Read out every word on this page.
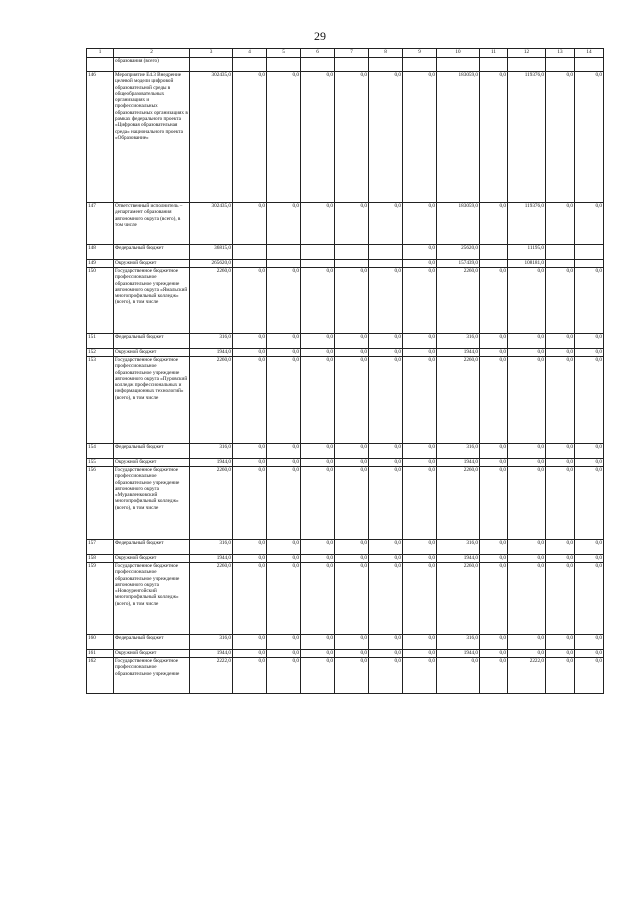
29
1	2	3	4	5	6	7	8	9	10	11	12	13	14
	образования (всего)												
146	Мероприятие Е4.3 Внедрение целевой модели цифровой образовательной среды в общеобразовательных организациях и профессиональных образовательных организациях в рамках федерального проекта «Цифровая образовательная среда» национального проекта «Образование»	302435,0	0,0	0,0	0,0	0,0	0,0	0,0	183059,0	0,0	119376,0	0,0	0,0
147	Ответственный исполнитель – департамент образования автономного округа (всего), в том числе	302435,0	0,0	0,0	0,0	0,0	0,0	0,0	183059,0	0,0	119376,0	0,0	0,0
148	Федеральный бюджет	36815,0						0,0	25620,0		11195,0		
149	Окружной бюджет	265620,0						0,0	157439,0		108181,0		
150	Государственное бюджетное профессиональное образовательное учреждение автономного округа «Ямальский многопрофильный колледж» (всего), в том числе	2260,0	0,0	0,0	0,0	0,0	0,0	0,0	2260,0	0,0	0,0	0,0	0,0
151	Федеральный бюджет	316,0	0,0	0,0	0,0	0,0	0,0	0,0	316,0	0,0	0,0	0,0	0,0
152	Окружной бюджет	1944,0	0,0	0,0	0,0	0,0	0,0	0,0	1944,0	0,0	0,0	0,0	0,0
153	Государственное бюджетное профессиональное образовательное учреждение автономного округа «Пуровский колледж профессиональных и информационных технологий» (всего), в том числе	2260,0	0,0	0,0	0,0	0,0	0,0	0,0	2260,0	0,0	0,0	0,0	0,0
154	Федеральный бюджет	316,0	0,0	0,0	0,0	0,0	0,0	0,0	316,0	0,0	0,0	0,0	0,0
155	Окружной бюджет	1944,0	0,0	0,0	0,0	0,0	0,0	0,0	1944,0	0,0	0,0	0,0	0,0
156	Государственное бюджетное профессиональное образовательное учреждение автономного округа «Муравленковский многопрофильный колледж» (всего), в том числе	2260,0	0,0	0,0	0,0	0,0	0,0	0,0	2260,0	0,0	0,0	0,0	0,0
157	Федеральный бюджет	316,0	0,0	0,0	0,0	0,0	0,0	0,0	316,0	0,0	0,0	0,0	0,0
158	Окружной бюджет	1944,0	0,0	0,0	0,0	0,0	0,0	0,0	1944,0	0,0	0,0	0,0	0,0
159	Государственное бюджетное профессиональное образовательное учреждение автономного округа «Новоуренгойский многопрофильный колледж» (всего), в том числе	2260,0	0,0	0,0	0,0	0,0	0,0	0,0	2260,0	0,0	0,0	0,0	0,0
160	Федеральный бюджет	316,0	0,0	0,0	0,0	0,0	0,0	0,0	316,0	0,0	0,0	0,0	0,0
161	Окружной бюджет	1944,0	0,0	0,0	0,0	0,0	0,0	0,0	1944,0	0,0	0,0	0,0	0,0
162	Государственное бюджетное профессиональное образовательное учреждение	2222,0	0,0	0,0	0,0	0,0	0,0	0,0	0,0	0,0	2222,0	0,0	0,0
